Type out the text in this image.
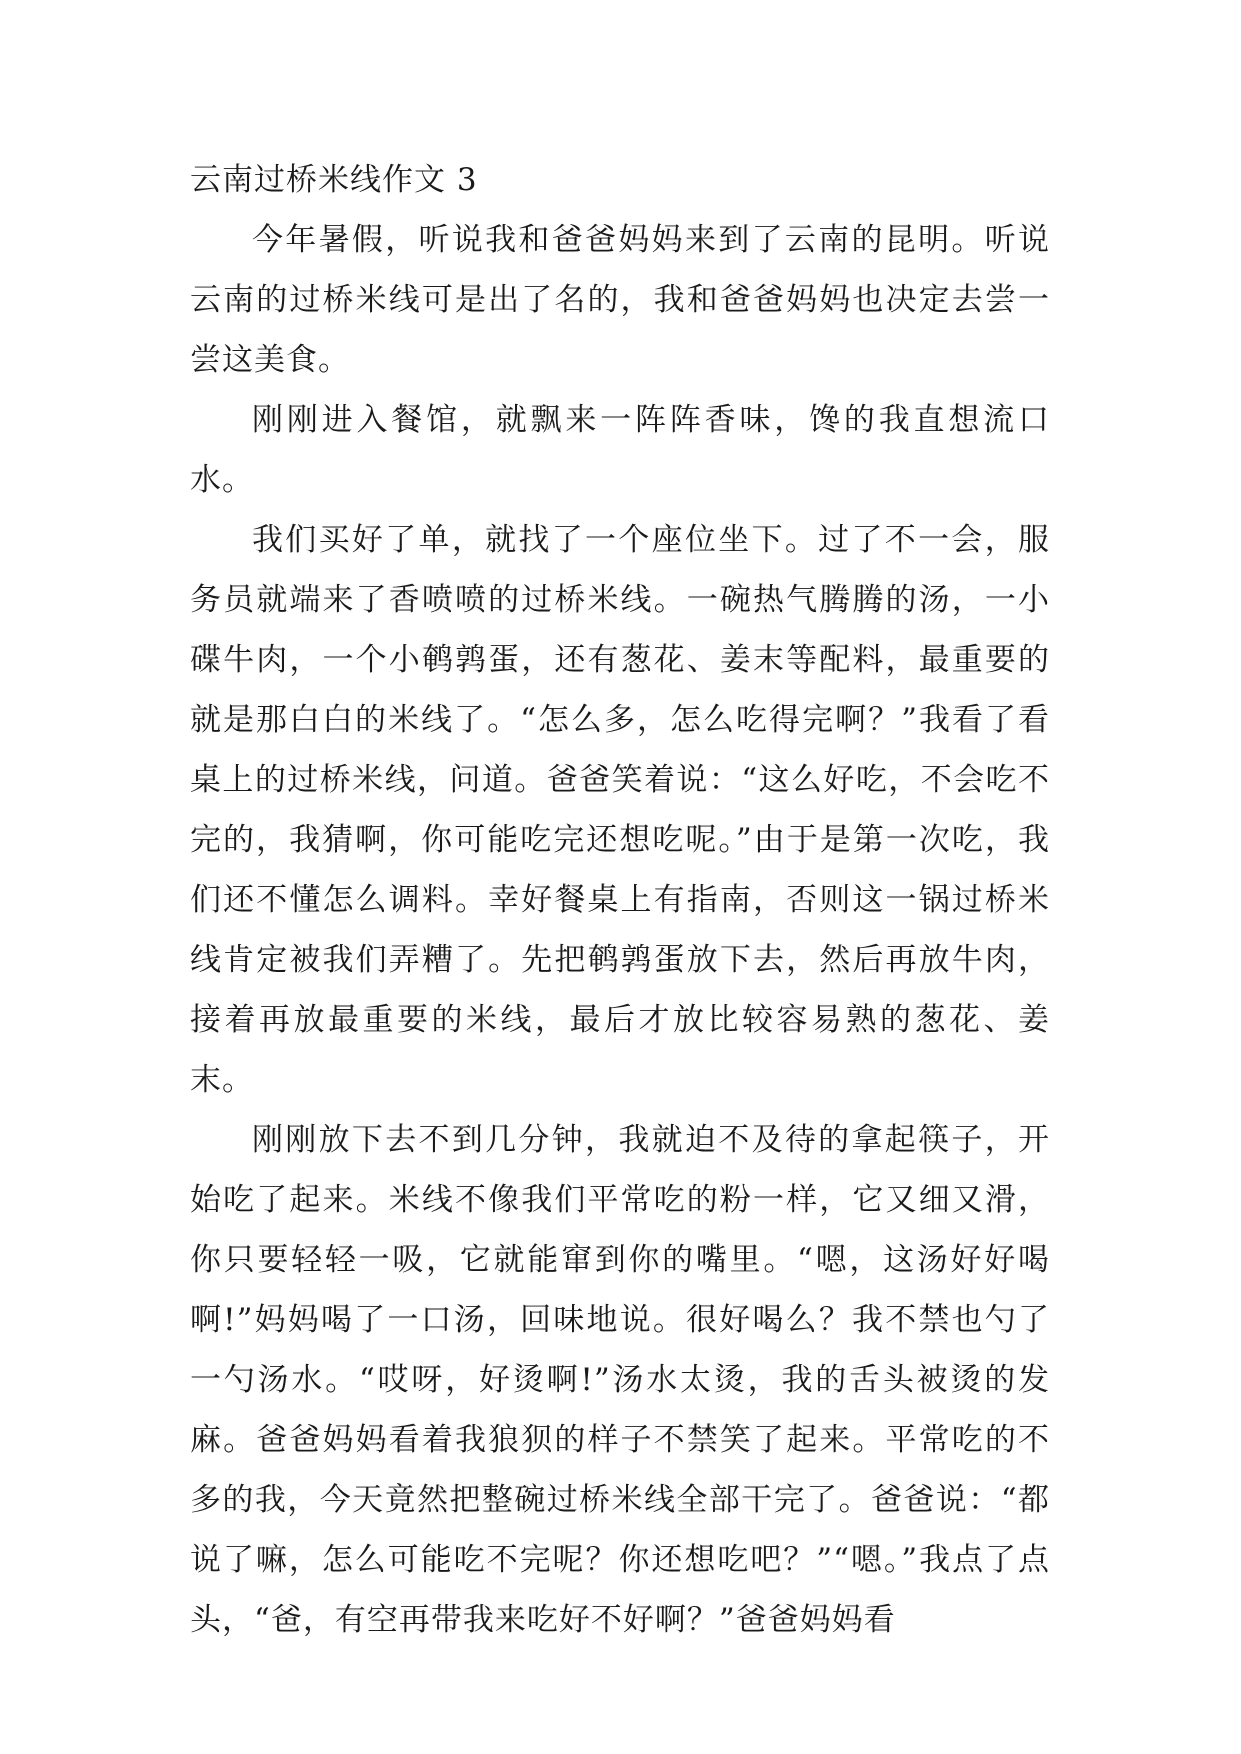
云南过桥米线作文 3

今年暑假，听说我和爸爸妈妈来到了云南的昆明。听说云南的过桥米线可是出了名的，我和爸爸妈妈也决定去尝一尝这美食。

刚刚进入餐馆，就飘来一阵阵香味，馋的我直想流口水。

我们买好了单，就找了一个座位坐下。过了不一会，服务员就端来了香喷喷的过桥米线。一碗热气腾腾的汤，一小碟牛肉，一个小鹌鹑蛋，还有葱花、姜末等配料，最重要的就是那白白的米线了。“怎么多，怎么吃得完啊？”我看了看桌上的过桥米线，问道。爸爸笑着说：“这么好吃，不会吃不完的，我猜啊，你可能吃完还想吃呢。”由于是第一次吃，我们还不懂怎么调料。幸好餐桌上有指南，否则这一锅过桥米线肯定被我们弄糟了。先把鹌鹑蛋放下去，然后再放牛肉，接着再放最重要的米线，最后才放比较容易熟的葱花、姜末。

刚刚放下去不到几分钟，我就迫不及待的拿起筷子，开始吃了起来。米线不像我们平常吃的粉一样，它又细又滑，你只要轻轻一吸，它就能窜到你的嘴里。“嗯，这汤好好喝啊!”妈妈喝了一口汤，回味地说。很好喝么？我不禁也勺了一勺汤水。“哎呀，好烫啊!”汤水太烫，我的舌头被烫的发麻。爸爸妈妈看着我狼狈的样子不禁笑了起来。平常吃的不多的我，今天竟然把整碗过桥米线全部干完了。爸爸说：“都说了嘛，怎么可能吃不完呢？你还想吃吧？”“嗯。”我点了点头，“爸，有空再带我来吃好不好啊？”爸爸妈妈看
